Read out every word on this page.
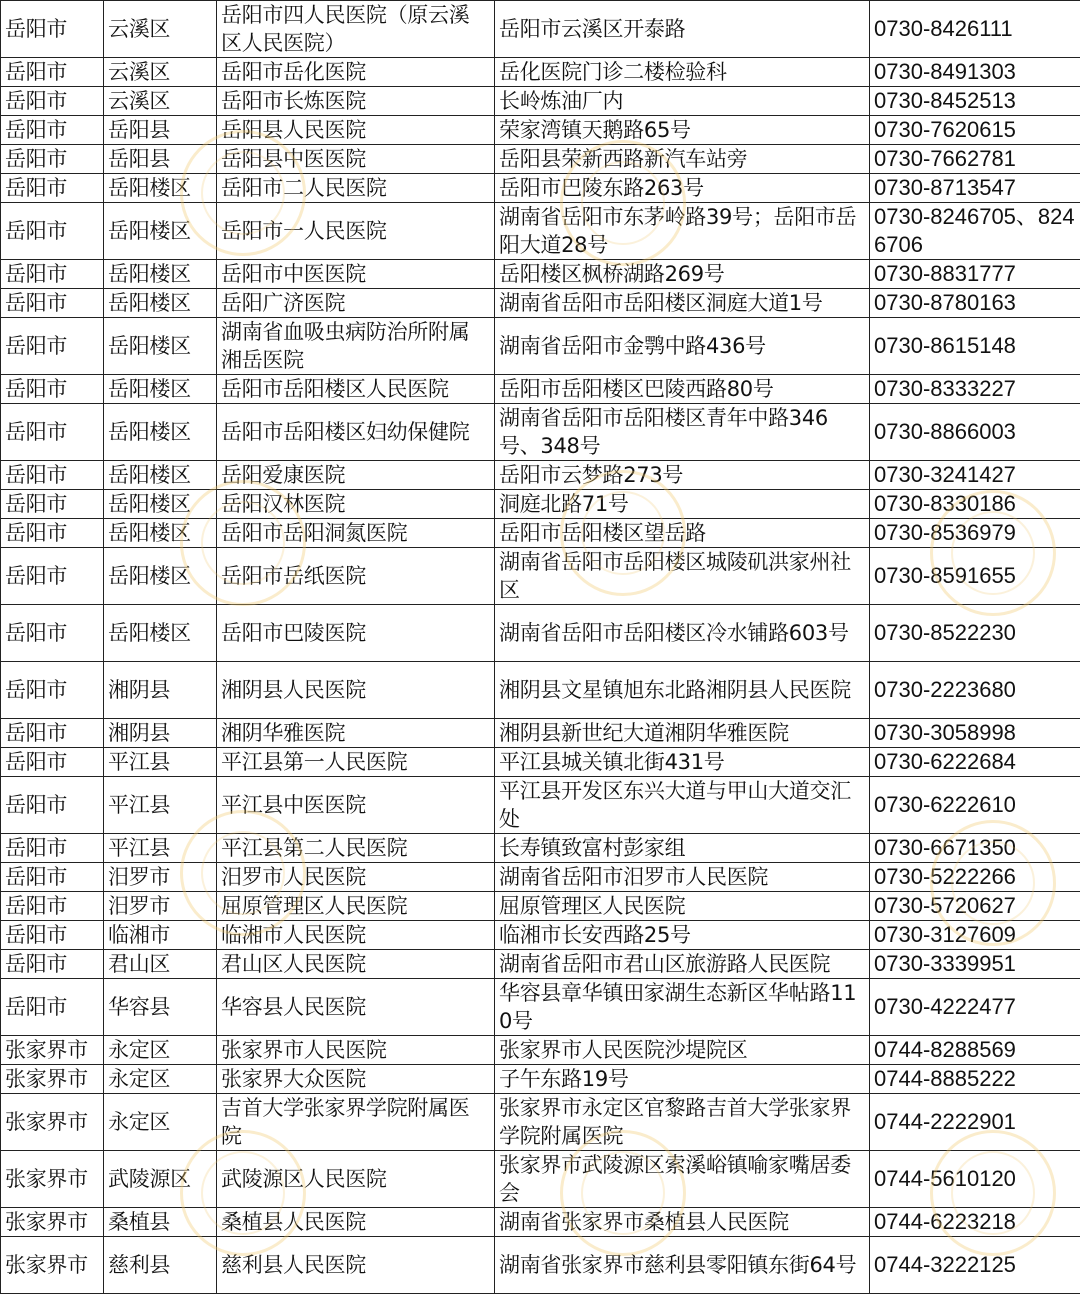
岳阳市	云溪区	岳阳市四人民医院（原云溪区人民医院）	岳阳市云溪区开泰路	0730-8426111
岳阳市	云溪区	岳阳市岳化医院	岳化医院门诊二楼检验科	0730-8491303
岳阳市	云溪区	岳阳市长炼医院	长岭炼油厂内	0730-8452513
岳阳市	岳阳县	岳阳县人民医院	荣家湾镇天鹅路65号	0730-7620615
岳阳市	岳阳县	岳阳县中医医院	岳阳县荣新西路新汽车站旁	0730-7662781
岳阳市	岳阳楼区	岳阳市二人民医院	岳阳市巴陵东路263号	0730-8713547
岳阳市	岳阳楼区	岳阳市一人民医院	湖南省岳阳市东茅岭路39号；岳阳市岳阳大道28号	0730-8246705、8246706
岳阳市	岳阳楼区	岳阳市中医医院	岳阳楼区枫桥湖路269号	0730-8831777
岳阳市	岳阳楼区	岳阳广济医院	湖南省岳阳市岳阳楼区洞庭大道1号	0730-8780163
岳阳市	岳阳楼区	湖南省血吸虫病防治所附属湘岳医院	湖南省岳阳市金鹗中路436号	0730-8615148
岳阳市	岳阳楼区	岳阳市岳阳楼区人民医院	岳阳市岳阳楼区巴陵西路80号	0730-8333227
岳阳市	岳阳楼区	岳阳市岳阳楼区妇幼保健院	湖南省岳阳市岳阳楼区青年中路346号、348号	0730-8866003
岳阳市	岳阳楼区	岳阳爱康医院	岳阳市云梦路273号	0730-3241427
岳阳市	岳阳楼区	岳阳汉林医院	洞庭北路71号	0730-8330186
岳阳市	岳阳楼区	岳阳市岳阳洞氮医院	岳阳市岳阳楼区望岳路	0730-8536979
岳阳市	岳阳楼区	岳阳市岳纸医院	湖南省岳阳市岳阳楼区城陵矶洪家州社区	0730-8591655
岳阳市	岳阳楼区	岳阳市巴陵医院	湖南省岳阳市岳阳楼区冷水铺路603号	0730-8522230
岳阳市	湘阴县	湘阴县人民医院	湘阴县文星镇旭东北路湘阴县人民医院	0730-2223680
岳阳市	湘阴县	湘阴华雅医院	湘阴县新世纪大道湘阴华雅医院	0730-3058998
岳阳市	平江县	平江县第一人民医院	平江县城关镇北街431号	0730-6222684
岳阳市	平江县	平江县中医医院	平江县开发区东兴大道与甲山大道交汇处	0730-6222610
岳阳市	平江县	平江县第二人民医院	长寿镇致富村彭家组	0730-6671350
岳阳市	汨罗市	汨罗市人民医院	湖南省岳阳市汨罗市人民医院	0730-5222266
岳阳市	汨罗市	屈原管理区人民医院	屈原管理区人民医院	0730-5720627
岳阳市	临湘市	临湘市人民医院	临湘市长安西路25号	0730-3127609
岳阳市	君山区	君山区人民医院	湖南省岳阳市君山区旅游路人民医院	0730-3339951
岳阳市	华容县	华容县人民医院	华容县章华镇田家湖生态新区华帖路110号	0730-4222477
张家界市	永定区	张家界市人民医院	张家界市人民医院沙堤院区	0744-8288569
张家界市	永定区	张家界大众医院	子午东路19号	0744-8885222
张家界市	永定区	吉首大学张家界学院附属医院	张家界市永定区官黎路吉首大学张家界学院附属医院	0744-2222901
张家界市	武陵源区	武陵源区人民医院	张家界市武陵源区索溪峪镇喻家嘴居委会	0744-5610120
张家界市	桑植县	桑植县人民医院	湖南省张家界市桑植县人民医院	0744-6223218
张家界市	慈利县	慈利县人民医院	湖南省张家界市慈利县零阳镇东街64号	0744-3222125
